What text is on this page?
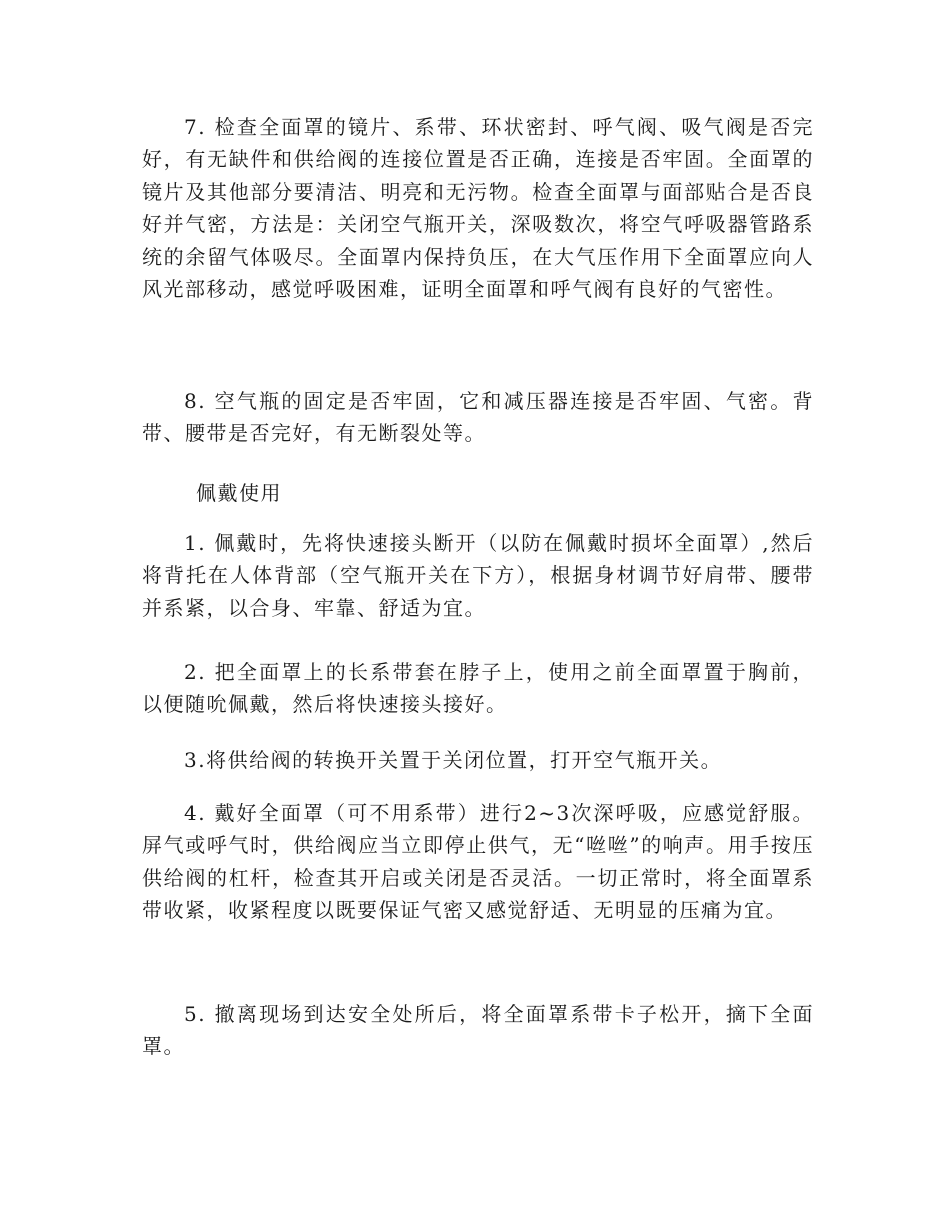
7. 检查全面罩的镜片、系带、环状密封、呼气阀、吸气阀是否完好，有无缺件和供给阀的连接位置是否正确，连接是否牢固。全面罩的镜片及其他部分要清洁、明亮和无污物。检查全面罩与面部贴合是否良好并气密，方法是：关闭空气瓶开关，深吸数次，将空气呼吸器管路系统的余留气体吸尽。全面罩内保持负压，在大气压作用下全面罩应向人风光部移动，感觉呼吸困难，证明全面罩和呼气阀有良好的气密性。

8. 空气瓶的固定是否牢固，它和减压器连接是否牢固、气密。背带、腰带是否完好，有无断裂处等。

佩戴使用

1. 佩戴时，先将快速接头断开（以防在佩戴时损坏全面罩）,然后将背托在人体背部（空气瓶开关在下方），根据身材调节好肩带、腰带并系紧，以合身、牢靠、舒适为宜。

2. 把全面罩上的长系带套在脖子上，使用之前全面罩置于胸前，以便随吮佩戴，然后将快速接头接好。

3.将供给阀的转换开关置于关闭位置，打开空气瓶开关。

4. 戴好全面罩（可不用系带）进行2~3次深呼吸，应感觉舒服。屏气或呼气时，供给阀应当立即停止供气，无“咝咝”的响声。用手按压供给阀的杠杆，检查其开启或关闭是否灵活。一切正常时，将全面罩系带收紧，收紧程度以既要保证气密又感觉舒适、无明显的压痛为宜。

5. 撤离现场到达安全处所后，将全面罩系带卡子松开，摘下全面罩。
